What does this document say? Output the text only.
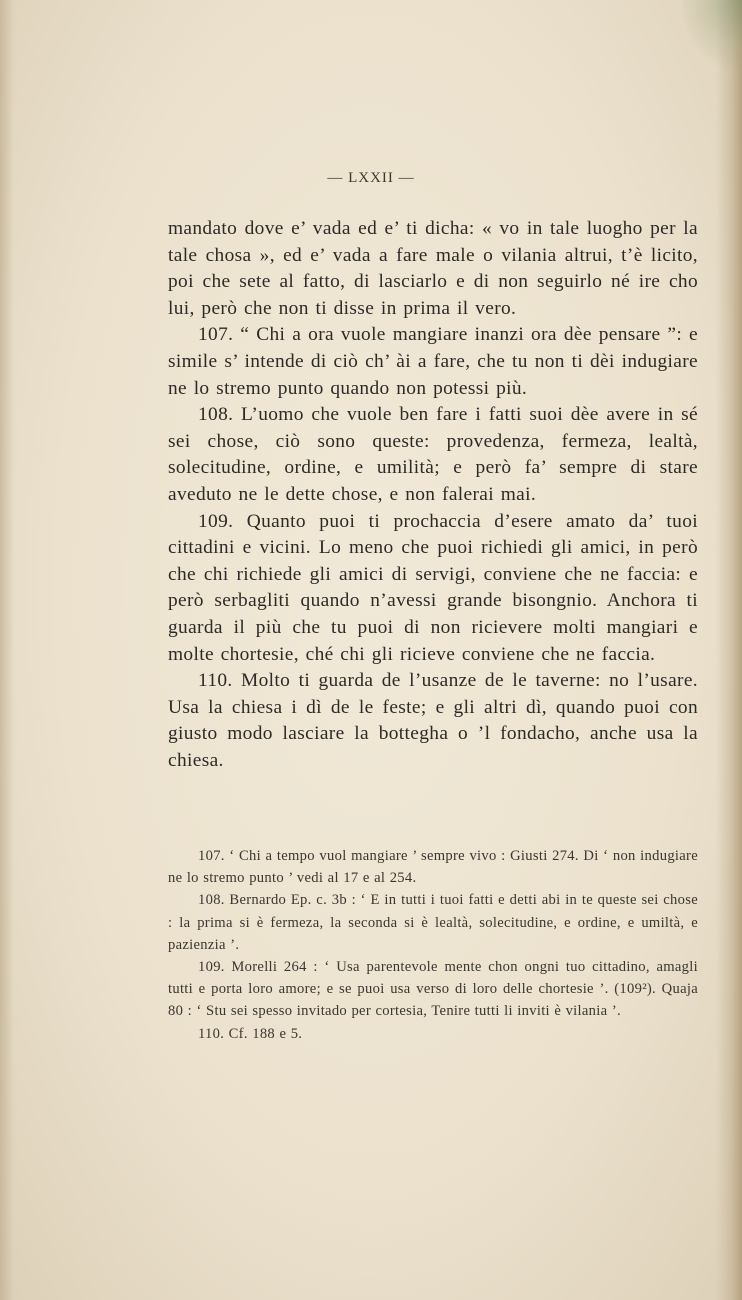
— LXXII —

mandato dove e’ vada ed e’ ti dicha: « vo in tale luogho per la tale chosa », ed e’ vada a fare male o vilania altrui, t’è licito, poi che sete al fatto, di lasciarlo e di non seguirlo né ire cho lui, però che non ti disse in prima il vero.

107. “ Chi a ora vuole mangiare inanzi ora dèe pensare ”: e simile s’ intende di ciò ch’ ài a fare, che tu non ti dèi indugiare ne lo stremo punto quando non potessi più.

108. L’uomo che vuole ben fare i fatti suoi dèe avere in sé sei chose, ciò sono queste: provedenza, fermeza, lealtà, solecitudine, ordine, e umilità; e però fa’ sempre di stare aveduto ne le dette chose, e non falerai mai.

109. Quanto puoi ti prochaccia d’esere amato da’ tuoi cittadini e vicini. Lo meno che puoi richiedi gli amici, in però che chi richiede gli amici di servigi, conviene che ne faccia: e però serbagliti quando n’avessi grande bisongnio. Anchora ti guarda il più che tu puoi di non ricievere molti mangiari e molte chortesie, ché chi gli ricieve conviene che ne faccia.

110. Molto ti guarda de l’usanze de le taverne: no l’usare. Usa la chiesa i dì de le feste; e gli altri dì, quando puoi con giusto modo lasciare la bottegha o ’l fondacho, anche usa la chiesa.

107. ‘ Chi a tempo vuol mangiare ’ sempre vivo : Giusti 274. Di ‘ non indugiare ne lo stremo punto ’ vedi al 17 e al 254.

108. Bernardo Ep. c. 3b : ‘ E in tutti i tuoi fatti e detti abi in te queste sei chose : la prima si è fermeza, la seconda si è lealtà, solecitudine, e ordine, e umiltà, e pazienzia ’.

109. Morelli 264 : ‘ Usa parentevole mente chon ongni tuo cittadino, amagli tutti e porta loro amore; e se puoi usa verso di loro delle chortesie ’. (109²). Quaja 80 : ‘ Stu sei spesso invitado per cortesia, Tenire tutti li inviti è vilania ’.

110. Cf. 188 e 5.
